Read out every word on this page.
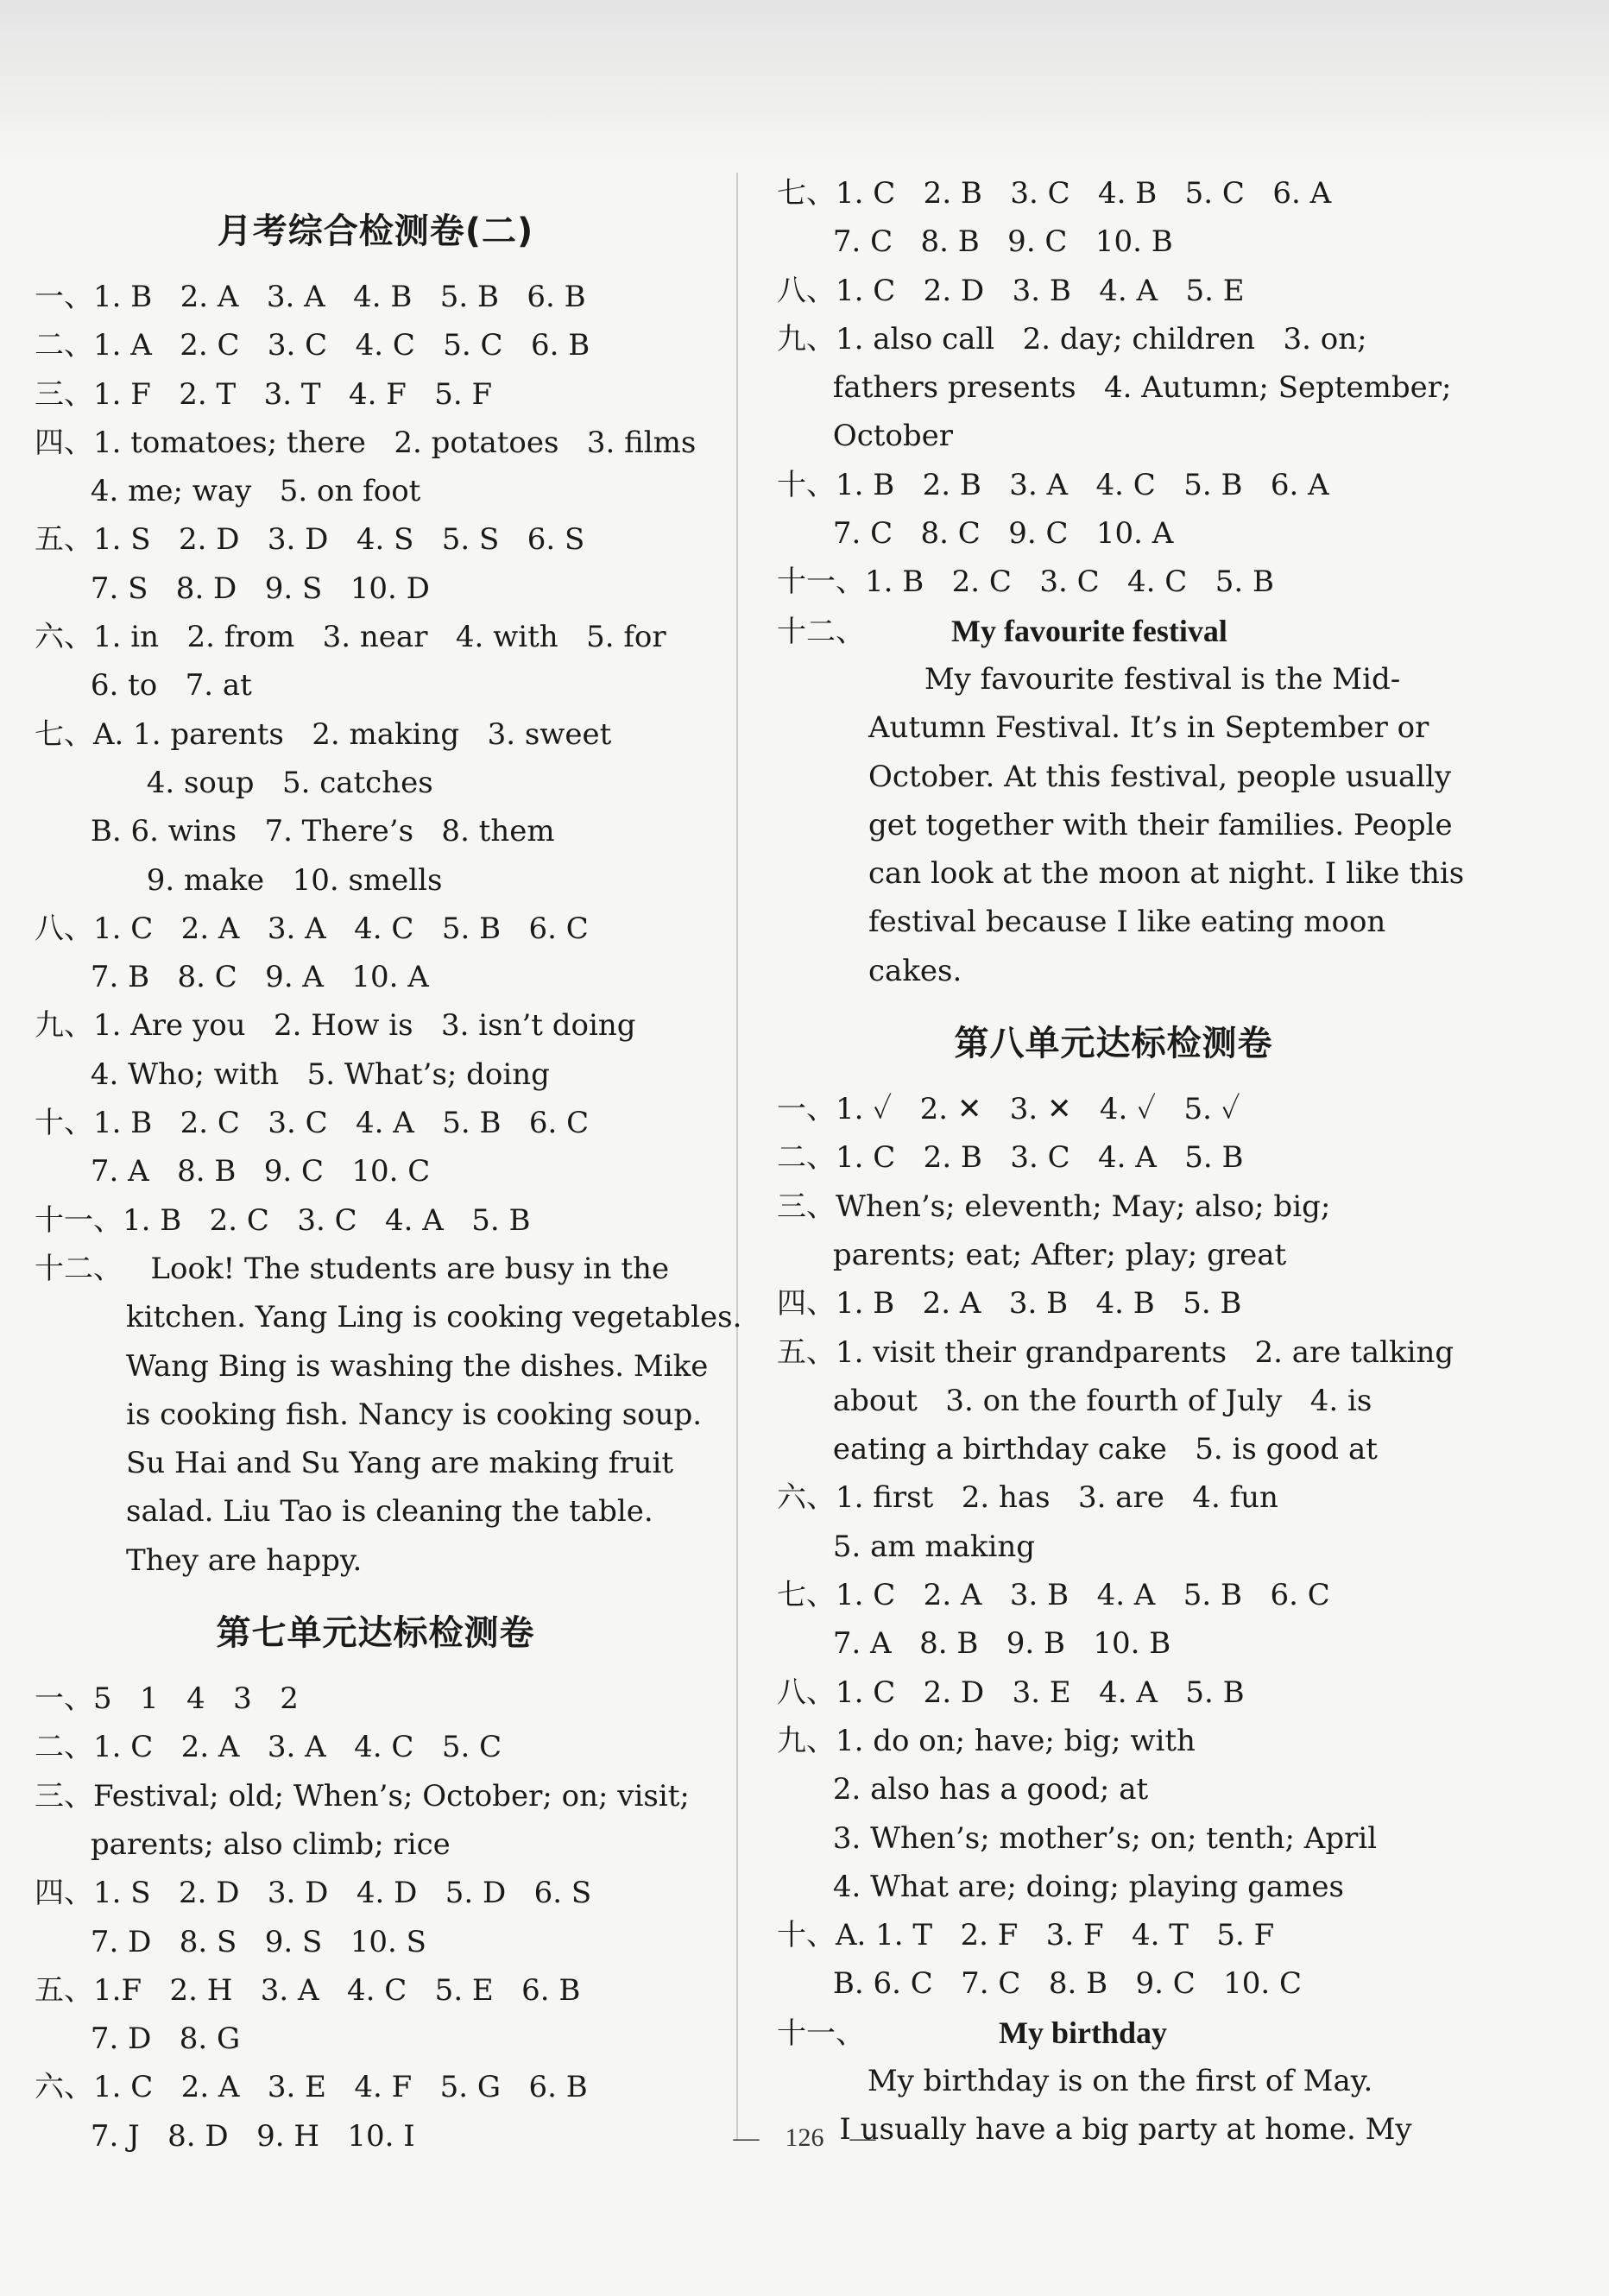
月考综合检测卷(二)
一、1. B   2. A   3. A   4. B   5. B   6. B
二、1. A   2. C   3. C   4. C   5. C   6. B
三、1. F   2. T   3. T   4. F   5. F
四、1. tomatoes; there   2. potatoes   3. films
4. me; way   5. on foot
五、1. S   2. D   3. D   4. S   5. S   6. S
7. S   8. D   9. S   10. D
六、1. in   2. from   3. near   4. with   5. for
6. to   7. at
七、A. 1. parents   2. making   3. sweet
4. soup   5. catches
B. 6. wins   7. There’s   8. them
9. make   10. smells
八、1. C   2. A   3. A   4. C   5. B   6. C
7. B   8. C   9. A   10. A
九、1. Are you   2. How is   3. isn’t doing
4. Who; with   5. What’s; doing
十、1. B   2. C   3. C   4. A   5. B   6. C
7. A   8. B   9. C   10. C
十一、1. B   2. C   3. C   4. A   5. B
十二、   Look! The students are busy in the
kitchen. Yang Ling is cooking vegetables.
Wang Bing is washing the dishes. Mike
is cooking fish. Nancy is cooking soup.
Su Hai and Su Yang are making fruit
salad. Liu Tao is cleaning the table.
They are happy.
第七单元达标检测卷
一、5   1   4   3   2
二、1. C   2. A   3. A   4. C   5. C
三、Festival; old; When’s; October; on; visit;
parents; also climb; rice
四、1. S   2. D   3. D   4. D   5. D   6. S
7. D   8. S   9. S   10. S
五、1.F   2. H   3. A   4. C   5. E   6. B
7. D   8. G
六、1. C   2. A   3. E   4. F   5. G   6. B
7. J   8. D   9. H   10. I
七、1. C   2. B   3. C   4. B   5. C   6. A
7. C   8. B   9. C   10. B
八、1. C   2. D   3. B   4. A   5. E
九、1. also call   2. day; children   3. on;
fathers presents   4. Autumn; September;
October
十、1. B   2. B   3. A   4. C   5. B   6. A
7. C   8. C   9. C   10. A
十一、1. B   2. C   3. C   4. C   5. B
十二、	My favourite festival
My favourite festival is the Mid-
Autumn Festival. It’s in September or
October. At this festival, people usually
get together with their families. People
can look at the moon at night. I like this
festival because I like eating moon
cakes.
第八单元达标检测卷
一、1. ✓   2. ✕   3. ✕   4. ✓   5. ✓
二、1. C   2. B   3. C   4. A   5. B
三、When’s; eleventh; May; also; big;
parents; eat; After; play; great
四、1. B   2. A   3. B   4. B   5. B
五、1. visit their grandparents   2. are talking
about   3. on the fourth of July   4. is
eating a birthday cake   5. is good at
六、1. first   2. has   3. are   4. fun
5. am making
七、1. C   2. A   3. B   4. A   5. B   6. C
7. A   8. B   9. B   10. B
八、1. C   2. D   3. E   4. A   5. B
九、1. do on; have; big; with
2. also has a good; at
3. When’s; mother’s; on; tenth; April
4. What are; doing; playing games
十、A. 1. T   2. F   3. F   4. T   5. F
B. 6. C   7. C   8. B   9. C   10. C
十一、	My birthday
My birthday is on the first of May.
I usually have a big party at home. My
— 126 —
